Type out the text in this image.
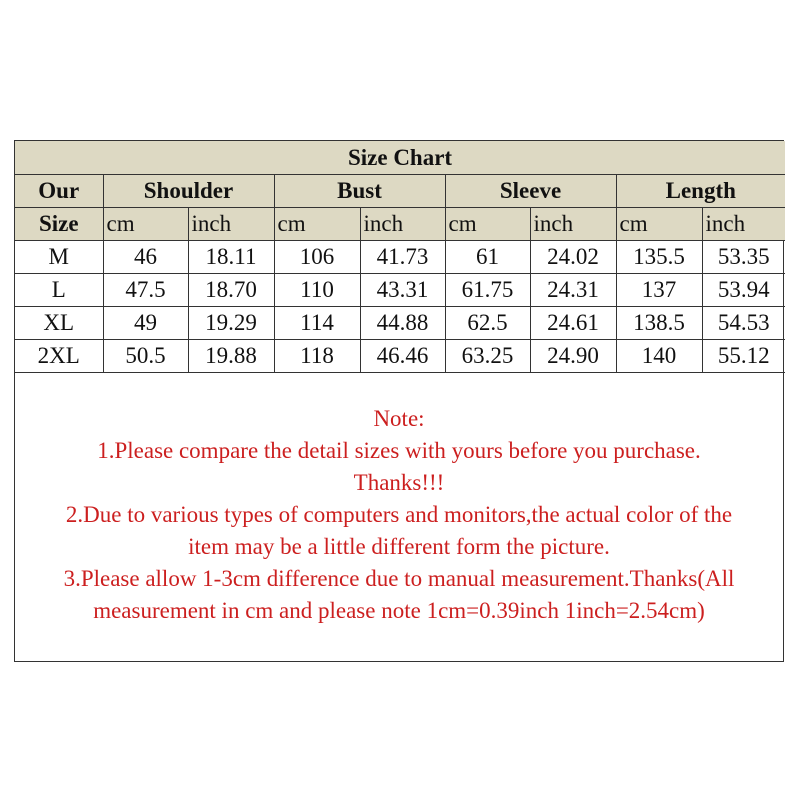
Size Chart								
Our	Shoulder		Bust		Sleeve		Length	
Size	cm	inch	cm	inch	cm	inch	cm	inch
M	46	18.11	106	41.73	61	24.02	135.5	53.35
L	47.5	18.70	110	43.31	61.75	24.31	137	53.94
XL	49	19.29	114	44.88	62.5	24.61	138.5	54.53
2XL	50.5	19.88	118	46.46	63.25	24.90	140	55.12
Note:
1.Please compare the detail sizes with yours before you purchase.
Thanks!!!
2.Due to various types of computers and monitors,the actual color of the
item may be a little different form the picture.
3.Please allow 1-3cm difference due to manual measurement.Thanks(All
measurement in cm and please note 1cm=0.39inch 1inch=2.54cm)
